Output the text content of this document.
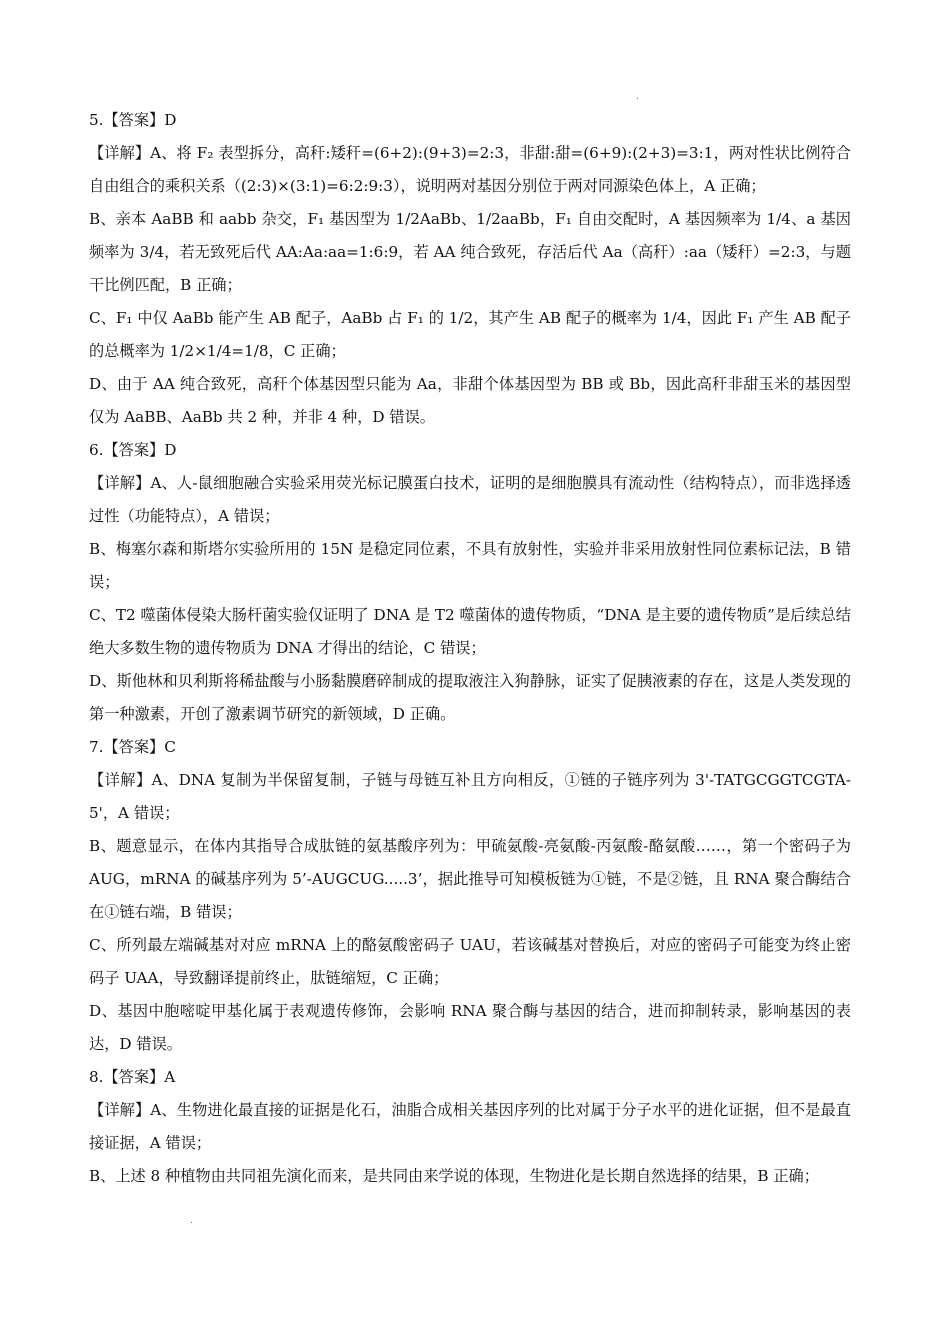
.

5.【答案】D

【详解】A、将 F₂ 表型拆分，高秆:矮秆=(6+2):(9+3)=2:3，非甜:甜=(6+9):(2+3)=3:1，两对性状比例符合自由组合的乘积关系（(2:3)×(3:1)=6:2:9:3），说明两对基因分别位于两对同源染色体上，A 正确；

B、亲本 AaBB 和 aabb 杂交，F₁ 基因型为 1/2AaBb、1/2aaBb，F₁ 自由交配时，A 基因频率为 1/4、a 基因频率为 3/4，若无致死后代 AA:Aa:aa=1:6:9，若 AA 纯合致死，存活后代 Aa（高秆）:aa（矮秆）=2:3，与题干比例匹配，B 正确；

C、F₁ 中仅 AaBb 能产生 AB 配子，AaBb 占 F₁ 的 1/2，其产生 AB 配子的概率为 1/4，因此 F₁ 产生 AB 配子的总概率为 1/2×1/4=1/8，C 正确；

D、由于 AA 纯合致死，高秆个体基因型只能为 Aa，非甜个体基因型为 BB 或 Bb，因此高秆非甜玉米的基因型仅为 AaBB、AaBb 共 2 种，并非 4 种，D 错误。

6.【答案】D

【详解】A、人-鼠细胞融合实验采用荧光标记膜蛋白技术，证明的是细胞膜具有流动性（结构特点），而非选择透过性（功能特点），A 错误；

B、梅塞尔森和斯塔尔实验所用的 15N 是稳定同位素，不具有放射性，实验并非采用放射性同位素标记法，B 错误；

C、T2 噬菌体侵染大肠杆菌实验仅证明了 DNA 是 T2 噬菌体的遗传物质，“DNA 是主要的遗传物质”是后续总结绝大多数生物的遗传物质为 DNA 才得出的结论，C 错误；

D、斯他林和贝利斯将稀盐酸与小肠黏膜磨碎制成的提取液注入狗静脉，证实了促胰液素的存在，这是人类发现的第一种激素，开创了激素调节研究的新领域，D 正确。

7.【答案】C

【详解】A、DNA 复制为半保留复制，子链与母链互补且方向相反，①链的子链序列为 3'-TATGCGGTCGTA-5'，A 错误；

B、题意显示，在体内其指导合成肽链的氨基酸序列为：甲硫氨酸-亮氨酸-丙氨酸-酪氨酸……，第一个密码子为 AUG，mRNA 的碱基序列为 5’-AUGCUG.....3’，据此推导可知模板链为①链，不是②链，且 RNA 聚合酶结合在①链右端，B 错误；

C、所列最左端碱基对对应 mRNA 上的酪氨酸密码子 UAU，若该碱基对替换后，对应的密码子可能变为终止密码子 UAA，导致翻译提前终止，肽链缩短，C 正确；

D、基因中胞嘧啶甲基化属于表观遗传修饰，会影响 RNA 聚合酶与基因的结合，进而抑制转录，影响基因的表达，D 错误。

8.【答案】A

【详解】A、生物进化最直接的证据是化石，油脂合成相关基因序列的比对属于分子水平的进化证据，但不是最直接证据，A 错误；

B、上述 8 种植物由共同祖先演化而来，是共同由来学说的体现，生物进化是长期自然选择的结果，B 正确；

.
